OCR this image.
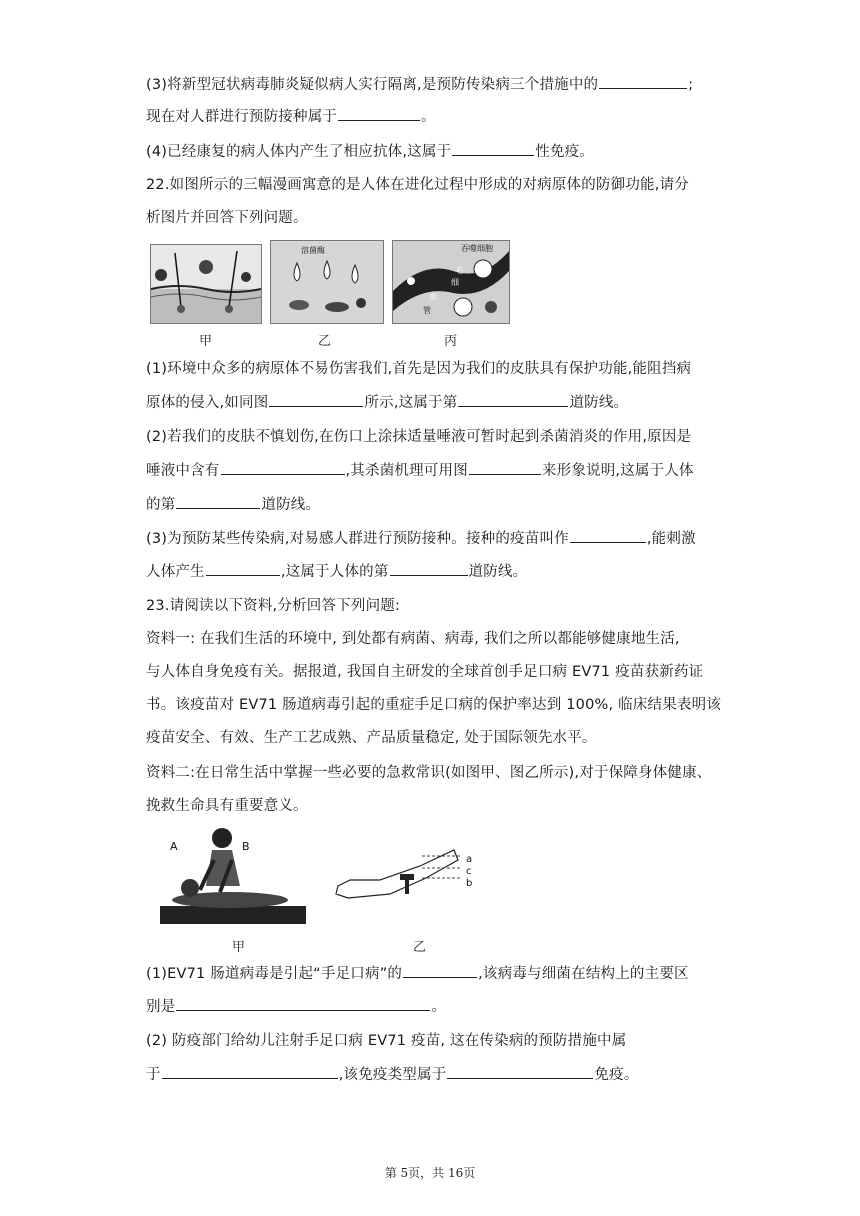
(3)将新型冠状病毒肺炎疑似病人实行隔离,是预防传染病三个措施中的	;
现在对人群进行预防接种属于	。
(4)已经康复的病人体内产生了相应抗体,这属于	性免疫。
22.如图所示的三幅漫画寓意的是人体在进化过程中形成的对病原体的防御功能,请分
析图片并回答下列问题。
甲
溶菌酶
乙
吞噬细胞
毛
细
血
管
丙
(1)环境中众多的病原体不易伤害我们,首先是因为我们的皮肤具有保护功能,能阻挡病
原体的侵入,如同图	所示,这属于第	道防线。
(2)若我们的皮肤不慎划伤,在伤口上涂抹适量唾液可暂时起到杀菌消炎的作用,原因是
唾液中含有	,其杀菌机理可用图	来形象说明,这属于人体
的第	道防线。
(3)为预防某些传染病,对易感人群进行预防接种。接种的疫苗叫作	,能刺激
人体产生	,这属于人体的第	道防线。
23.请阅读以下资料,分析回答下列问题:
资料一: 在我们生活的环境中, 到处都有病菌、病毒, 我们之所以都能够健康地生活,
与人体自身免疫有关。据报道, 我国自主研发的全球首创手足口病 EV71 疫苗获新药证
书。该疫苗对 EV71 肠道病毒引起的重症手足口病的保护率达到 100%, 临床结果表明该
疫苗安全、有效、生产工艺成熟、产品质量稳定, 处于国际领先水平。
资料二:在日常生活中掌握一些必要的急救常识(如图甲、图乙所示),对于保障身体健康、
挽救生命具有重要意义。
A	B
甲
a
c
b
乙
(1)EV71 肠道病毒是引起“手足口病”的	,该病毒与细菌在结构上的主要区
别是	。
(2) 防疫部门给幼儿注射手足口病 EV71 疫苗, 这在传染病的预防措施中属
于	,该免疫类型属于	免疫。
第 5页，共 16页
